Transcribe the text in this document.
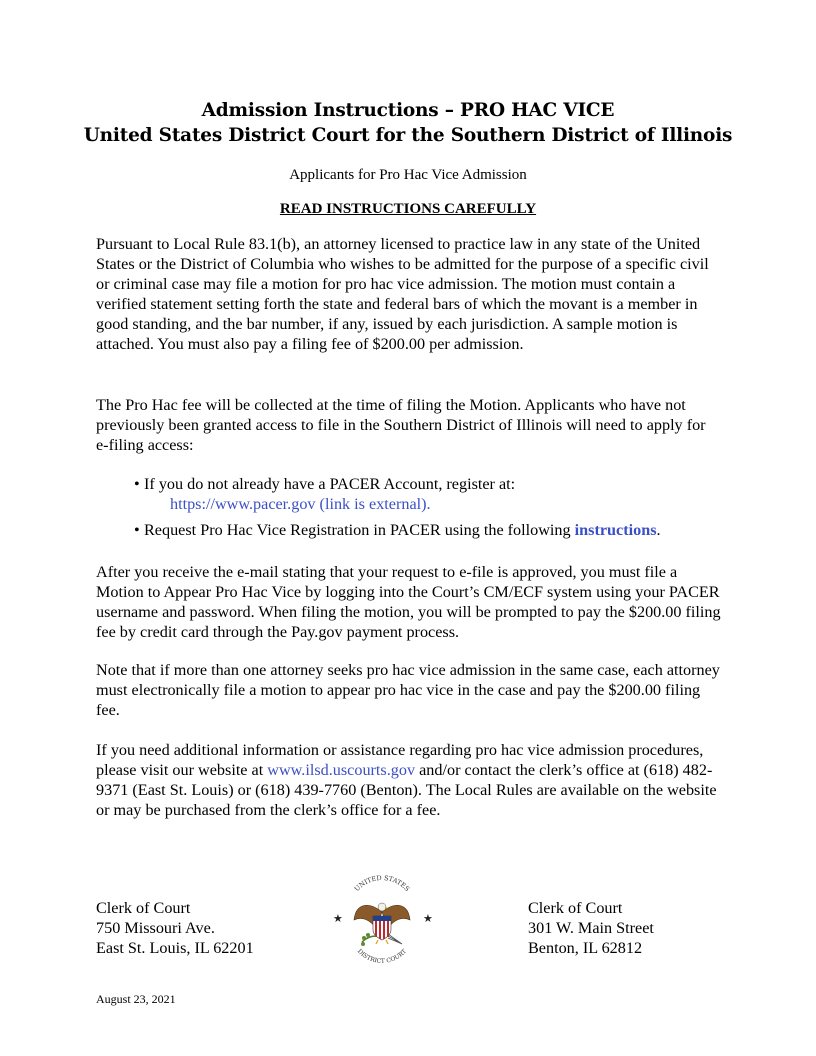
Admission Instructions – PRO HAC VICE
United States District Court for the Southern District of Illinois
Applicants for Pro Hac Vice Admission
READ INSTRUCTIONS CAREFULLY
Pursuant to Local Rule 83.1(b), an attorney licensed to practice law in any state of the United States or the District of Columbia who wishes to be admitted for the purpose of a specific civil or criminal case may file a motion for pro hac vice admission. The motion must contain a verified statement setting forth the state and federal bars of which the movant is a member in good standing, and the bar number, if any, issued by each jurisdiction. A sample motion is attached. You must also pay a filing fee of $200.00 per admission.
The Pro Hac fee will be collected at the time of filing the Motion. Applicants who have not previously been granted access to file in the Southern District of Illinois will need to apply for e-filing access:
• If you do not already have a PACER Account, register at:
https://www.pacer.gov (link is external).
• Request Pro Hac Vice Registration in PACER using the following instructions.
After you receive the e-mail stating that your request to e-file is approved, you must file a Motion to Appear Pro Hac Vice by logging into the Court’s CM/ECF system using your PACER username and password. When filing the motion, you will be prompted to pay the $200.00 filing fee by credit card through the Pay.gov payment process.
Note that if more than one attorney seeks pro hac vice admission in the same case, each attorney must electronically file a motion to appear pro hac vice in the case and pay the $200.00 filing fee.
If you need additional information or assistance regarding pro hac vice admission procedures, please visit our website at www.ilsd.uscourts.gov and/or contact the clerk’s office at (618) 482-9371 (East St. Louis) or (618) 439-7760 (Benton). The Local Rules are available on the website or may be purchased from the clerk’s office for a fee.
Clerk of Court
750 Missouri Ave.
East St. Louis, IL 62201
UNITED STATES
DISTRICT COURT
★	★
Clerk of Court
301 W. Main Street
Benton, IL 62812
August 23, 2021
